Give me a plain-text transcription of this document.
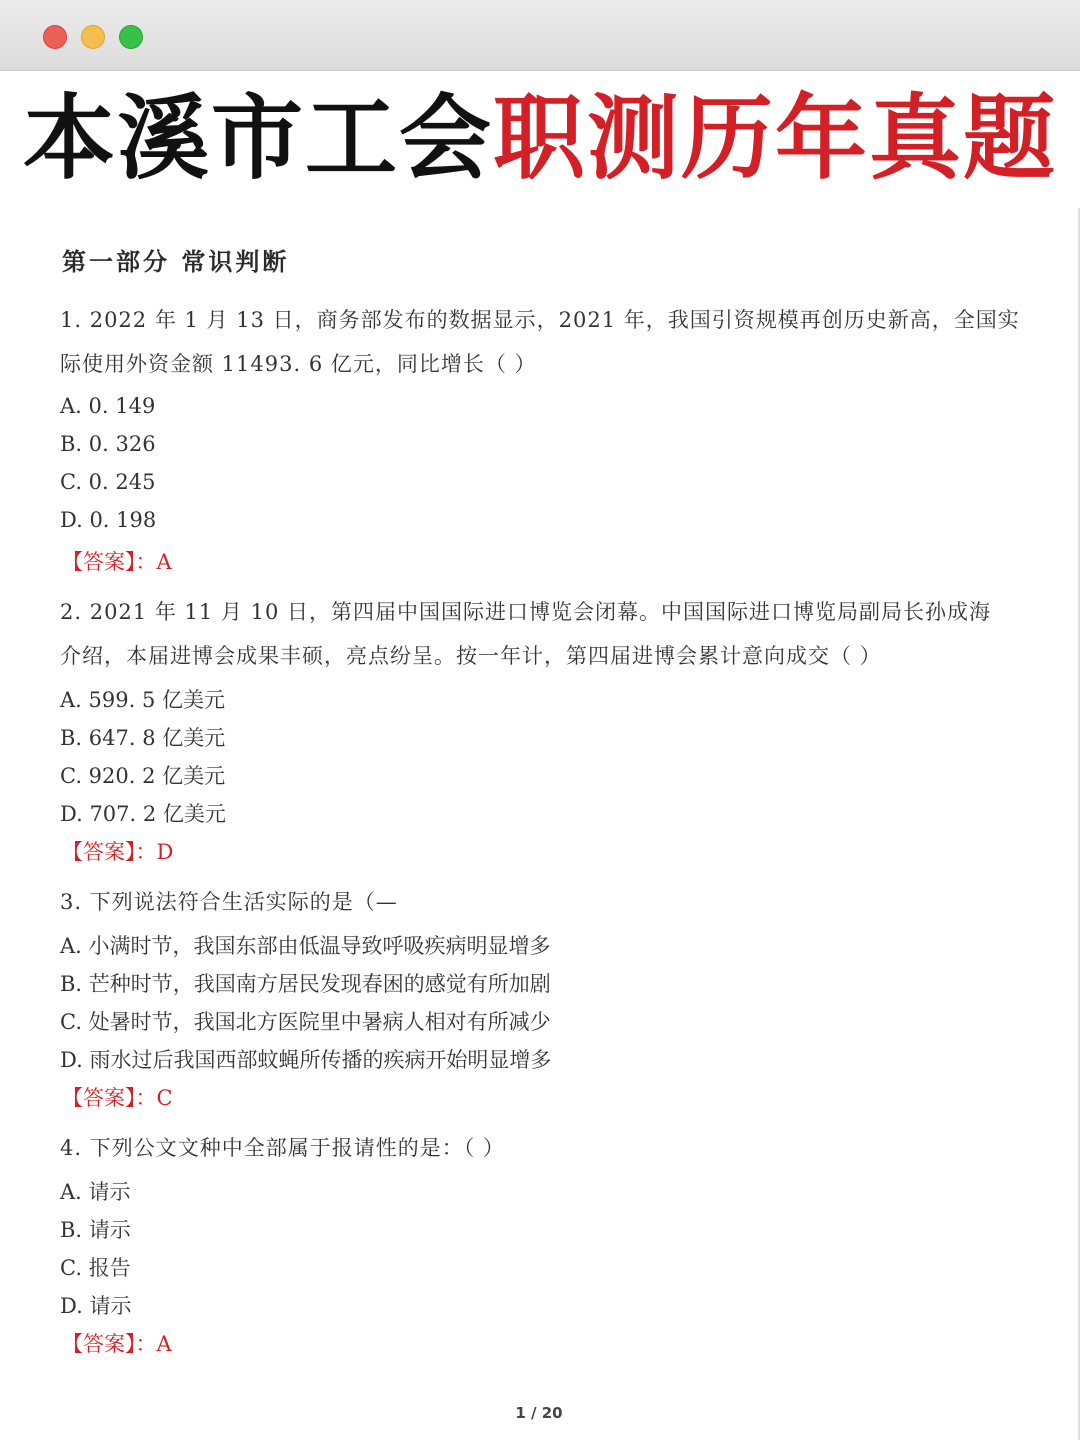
本溪市工会职测历年真题
第一部分 常识判断
1. 2022 年 1 月 13 日，商务部发布的数据显示，2021 年，我国引资规模再创历史新高，全国实
际使用外资金额 11493. 6 亿元，同比增长（ ）
A. 0. 149
B. 0. 326
C. 0. 245
D. 0. 198
【答案】：A
2. 2021 年 11 月 10 日，第四届中国国际进口博览会闭幕。中国国际进口博览局副局长孙成海
介绍，本届进博会成果丰硕，亮点纷呈。按一年计，第四届进博会累计意向成交（ ）
A. 599. 5 亿美元
B. 647. 8 亿美元
C. 920. 2 亿美元
D. 707. 2 亿美元
【答案】：D
3. 下列说法符合生活实际的是（—
A. 小满时节，我国东部由低温导致呼吸疾病明显增多
B. 芒种时节，我国南方居民发现春困的感觉有所加剧
C. 处暑时节，我国北方医院里中暑病人相对有所减少
D. 雨水过后我国西部蚊蝇所传播的疾病开始明显增多
【答案】：C
4. 下列公文文种中全部属于报请性的是：（ ）
A. 请示
B. 请示
C. 报告
D. 请示
【答案】：A
1 / 20
